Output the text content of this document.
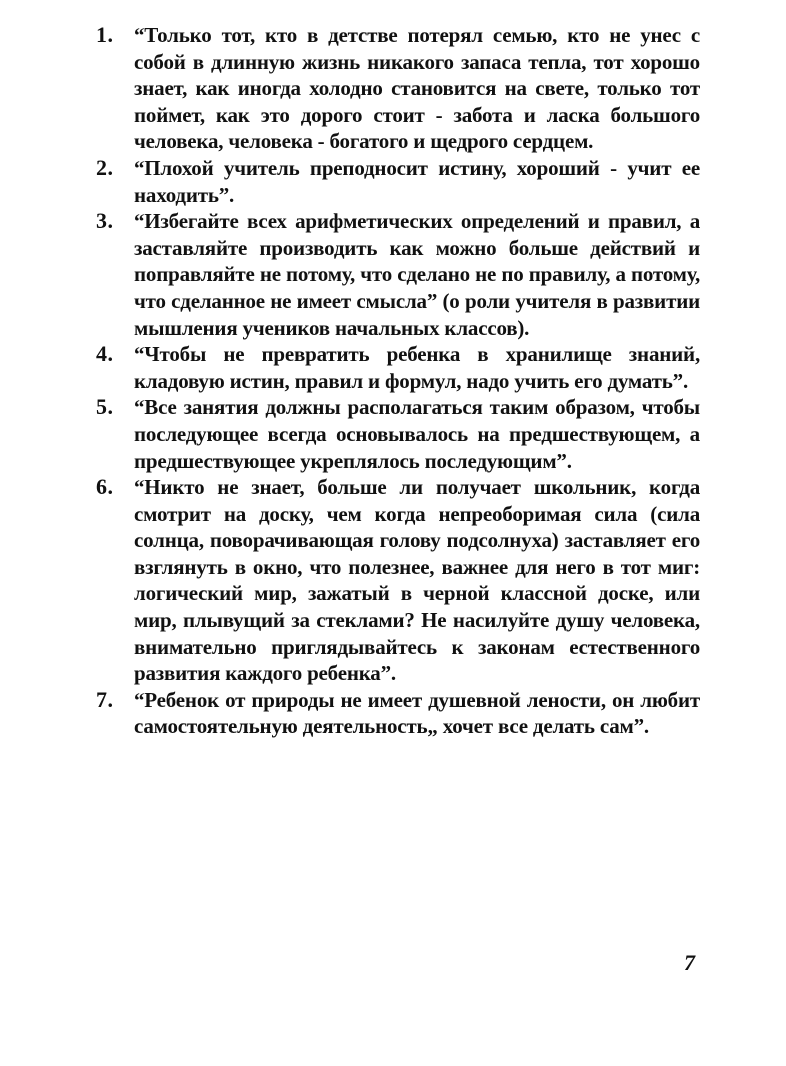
1. “Только тот, кто в детстве потерял семью, кто не унес с собой в длинную жизнь никакого запаса тепла, тот хорошо знает, как иногда холодно становится на свете, только тот поймет, как это дорого стоит - забота и ласка большого человека, человека - богатого и щедрого сердцем.
2. “Плохой учитель преподносит истину, хороший - учит ее находить”.
3. “Избегайте всех арифметических определений и правил, а заставляйте производить как можно больше действий и поправляйте не потому, что сделано не по правилу, а потому, что сделанное не имеет смысла” (о роли учителя в развитии мышления учеников начальных классов).
4. “Чтобы не превратить ребенка в хранилище знаний, кладовую истин, правил и формул, надо учить его думать”.
5. “Все занятия должны располагаться таким образом, чтобы последующее всегда основывалось на предшествующем, а предшествующее укреплялось последующим”.
6. “Никто не знает, больше ли получает школьник, когда смотрит на доску, чем когда непреоборимая сила (сила солнца, поворачивающая голову подсолнуха) заставляет его взглянуть в окно, что полезнее, важнее для него в тот миг: логический мир, зажатый в черной классной доске, или мир, плывущий за стеклами? Не насилуйте душу человека, внимательно приглядывайтесь к законам естественного развития каждого ребенка”.
7. “Ребенок от природы не имеет душевной лености, он любит самостоятельную деятельность„ хочет все делать сам”.
7
